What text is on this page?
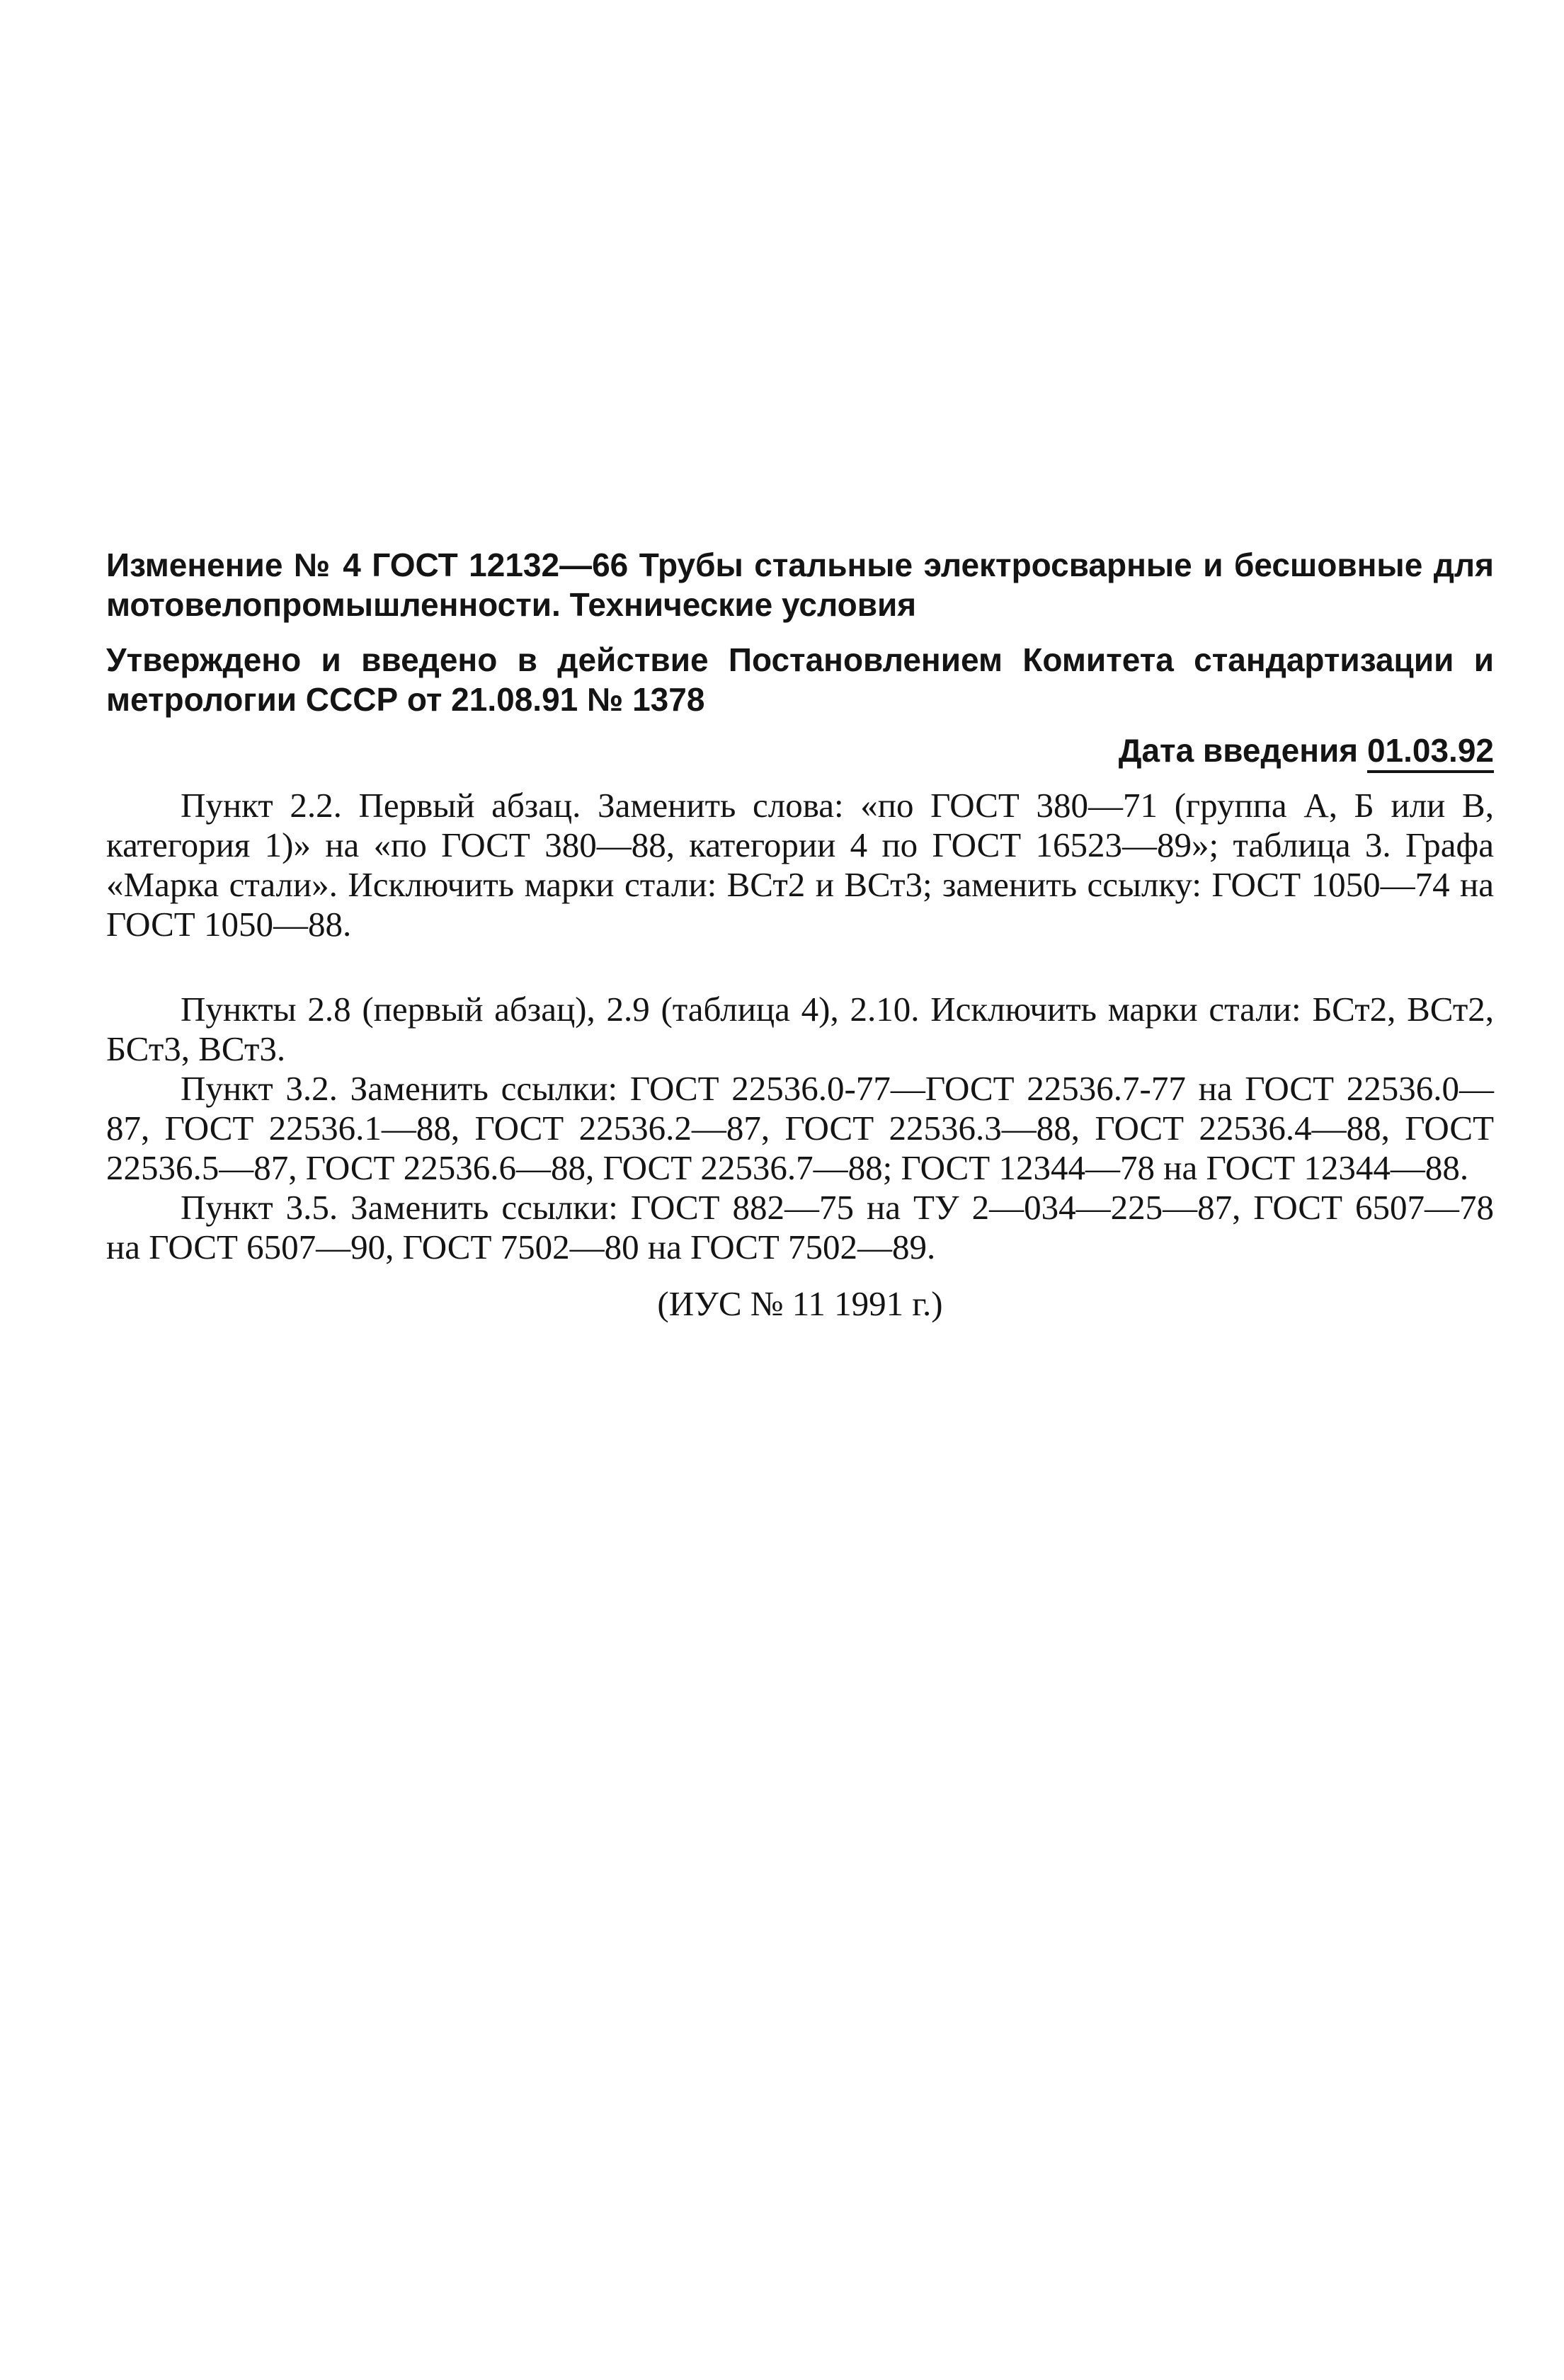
Изменение № 4 ГОСТ 12132—66 Трубы стальные электросварные и бесшовные для мотовелопромышленности. Технические условия

Утверждено и введено в действие Постановлением Комитета стандартизации и метрологии СССР от 21.08.91 № 1378

Дата введения 01.03.92

Пункт 2.2. Первый абзац. Заменить слова: «по ГОСТ 380—71 (группа А, Б или В, категория 1)» на «по ГОСТ 380—88, категории 4 по ГОСТ 16523—89»; таблица 3. Графа «Марка стали». Исключить марки стали: ВСт2 и ВСт3; заменить ссылку: ГОСТ 1050—74 на ГОСТ 1050—88.

Пункты 2.8 (первый абзац), 2.9 (таблица 4), 2.10. Исключить марки стали: БСт2, ВСт2, БСт3, ВСт3.

Пункт 3.2. Заменить ссылки: ГОСТ 22536.0-77—ГОСТ 22536.7-77 на ГОСТ 22536.0—87, ГОСТ 22536.1—88, ГОСТ 22536.2—87, ГОСТ 22536.3—88, ГОСТ 22536.4—88, ГОСТ 22536.5—87, ГОСТ 22536.6—88, ГОСТ 22536.7—88; ГОСТ 12344—78 на ГОСТ 12344—88.

Пункт 3.5. Заменить ссылки: ГОСТ 882—75 на ТУ 2—034—225—87, ГОСТ 6507—78 на ГОСТ 6507—90, ГОСТ 7502—80 на ГОСТ 7502—89.

(ИУС № 11 1991 г.)
